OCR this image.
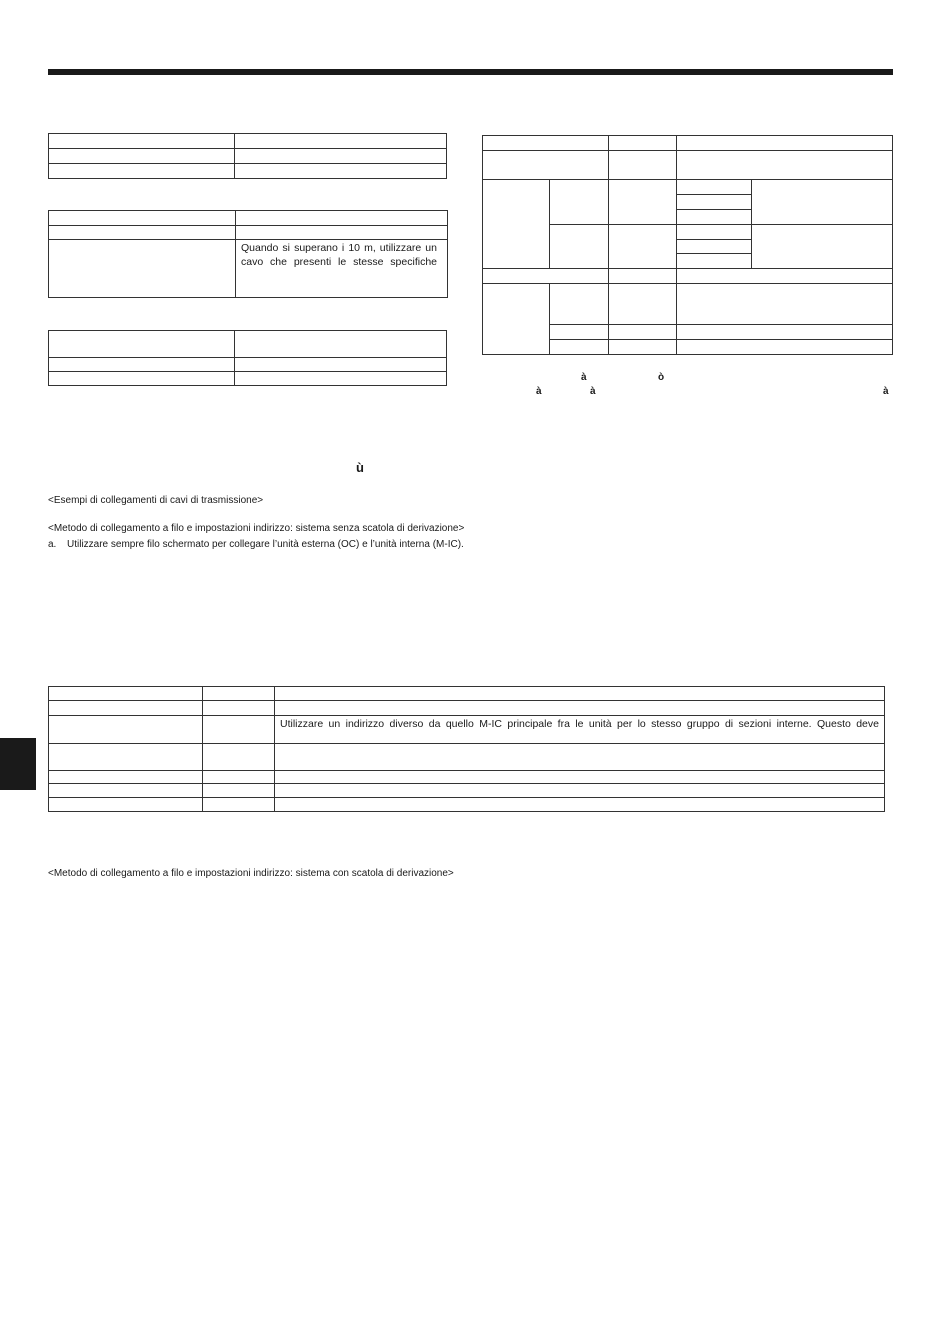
	Quando si superano i 10 m, utilizzare un cavo che presenti le stesse specifiche

à	ò
à	à	à
ù
<Esempi di collegamenti di cavi di trasmissione>
<Metodo di collegamento a filo e impostazioni indirizzo: sistema senza scatola di derivazione>
a. Utilizzare sempre filo schermato per collegare l’unità esterna (OC) e l’unità interna (M-IC).

		Utilizzare un indirizzo diverso da quello M-IC principale fra le unità per lo stesso gruppo di sezioni interne. Questo deve

<Metodo di collegamento a filo e impostazioni indirizzo: sistema con scatola di derivazione>
